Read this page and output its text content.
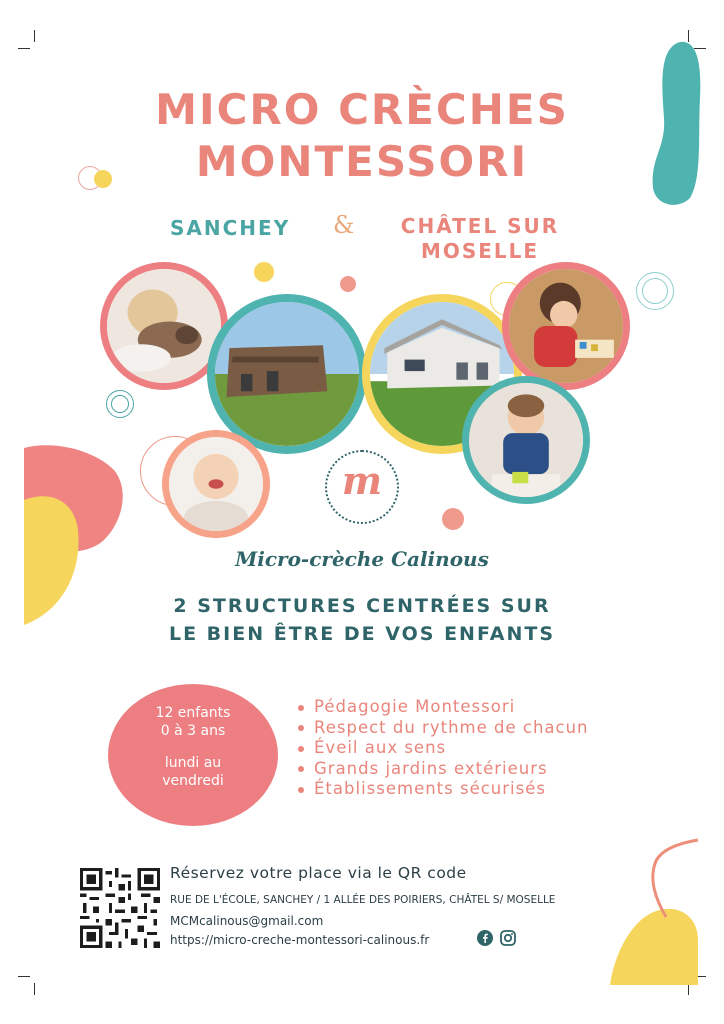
MICRO CRÈCHES
MONTESSORI
SANCHEY & CHÂTEL SUR
MOSELLE
m
Micro-crèche Calinous
2 STRUCTURES CENTRÉES SUR
LE BIEN ÊTRE DE VOS ENFANTS
12 enfants
0 à 3 ans
lundi au
vendredi
Pédagogie Montessori
Respect du rythme de chacun
Éveil aux sens
Grands jardins extérieurs
Établissements sécurisés
Réservez votre place via le QR code
RUE DE L'ÉCOLE, SANCHEY / 1 ALLÉE DES POIRIERS, CHÂTEL S/ MOSELLE
MCMcalinous@gmail.com
https://micro-creche-montessori-calinous.fr
